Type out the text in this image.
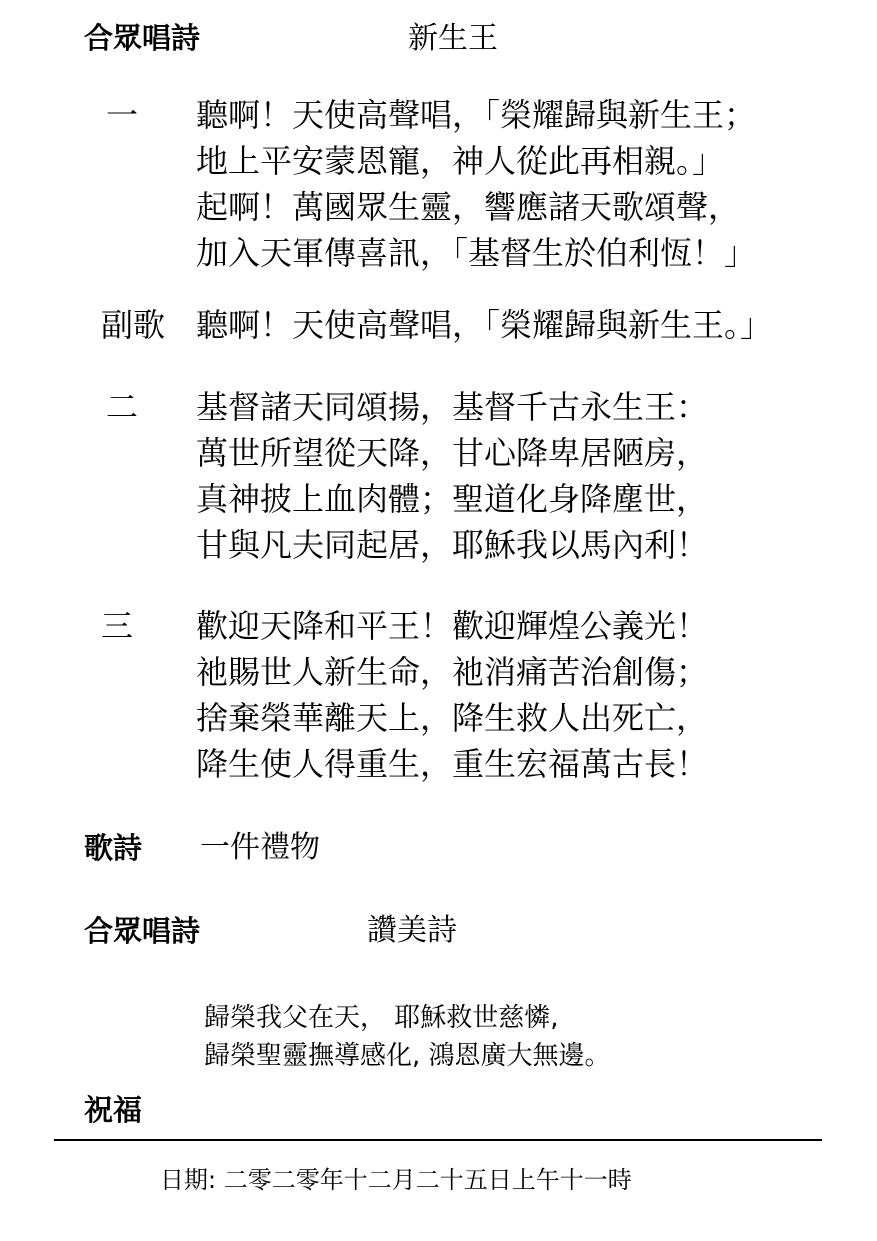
合眾唱詩	新生王
一 聽啊！天使高聲唱，「榮耀歸與新生王；
地上平安蒙恩寵，神人從此再相親。」
起啊！萬國眾生靈，響應諸天歌頌聲，
加入天軍傳喜訊，「基督生於伯利恆！」
副歌 聽啊！天使高聲唱，「榮耀歸與新生王。」
二 基督諸天同頌揚，基督千古永生王：
萬世所望從天降，甘心降卑居陋房，
真神披上血肉體；聖道化身降塵世，
甘與凡夫同起居，耶穌我以馬內利！
三 歡迎天降和平王！歡迎輝煌公義光！
祂賜世人新生命，祂消痛苦治創傷；
捨棄榮華離天上，降生救人出死亡，
降生使人得重生，重生宏福萬古長！
歌詩 一件禮物
合眾唱詩	讚美詩
歸榮我父在天， 耶穌救世慈憐,
歸榮聖靈撫導感化, 鴻恩廣大無邊。
祝福
日期: 二零二零年十二月二十五日上午十一時
